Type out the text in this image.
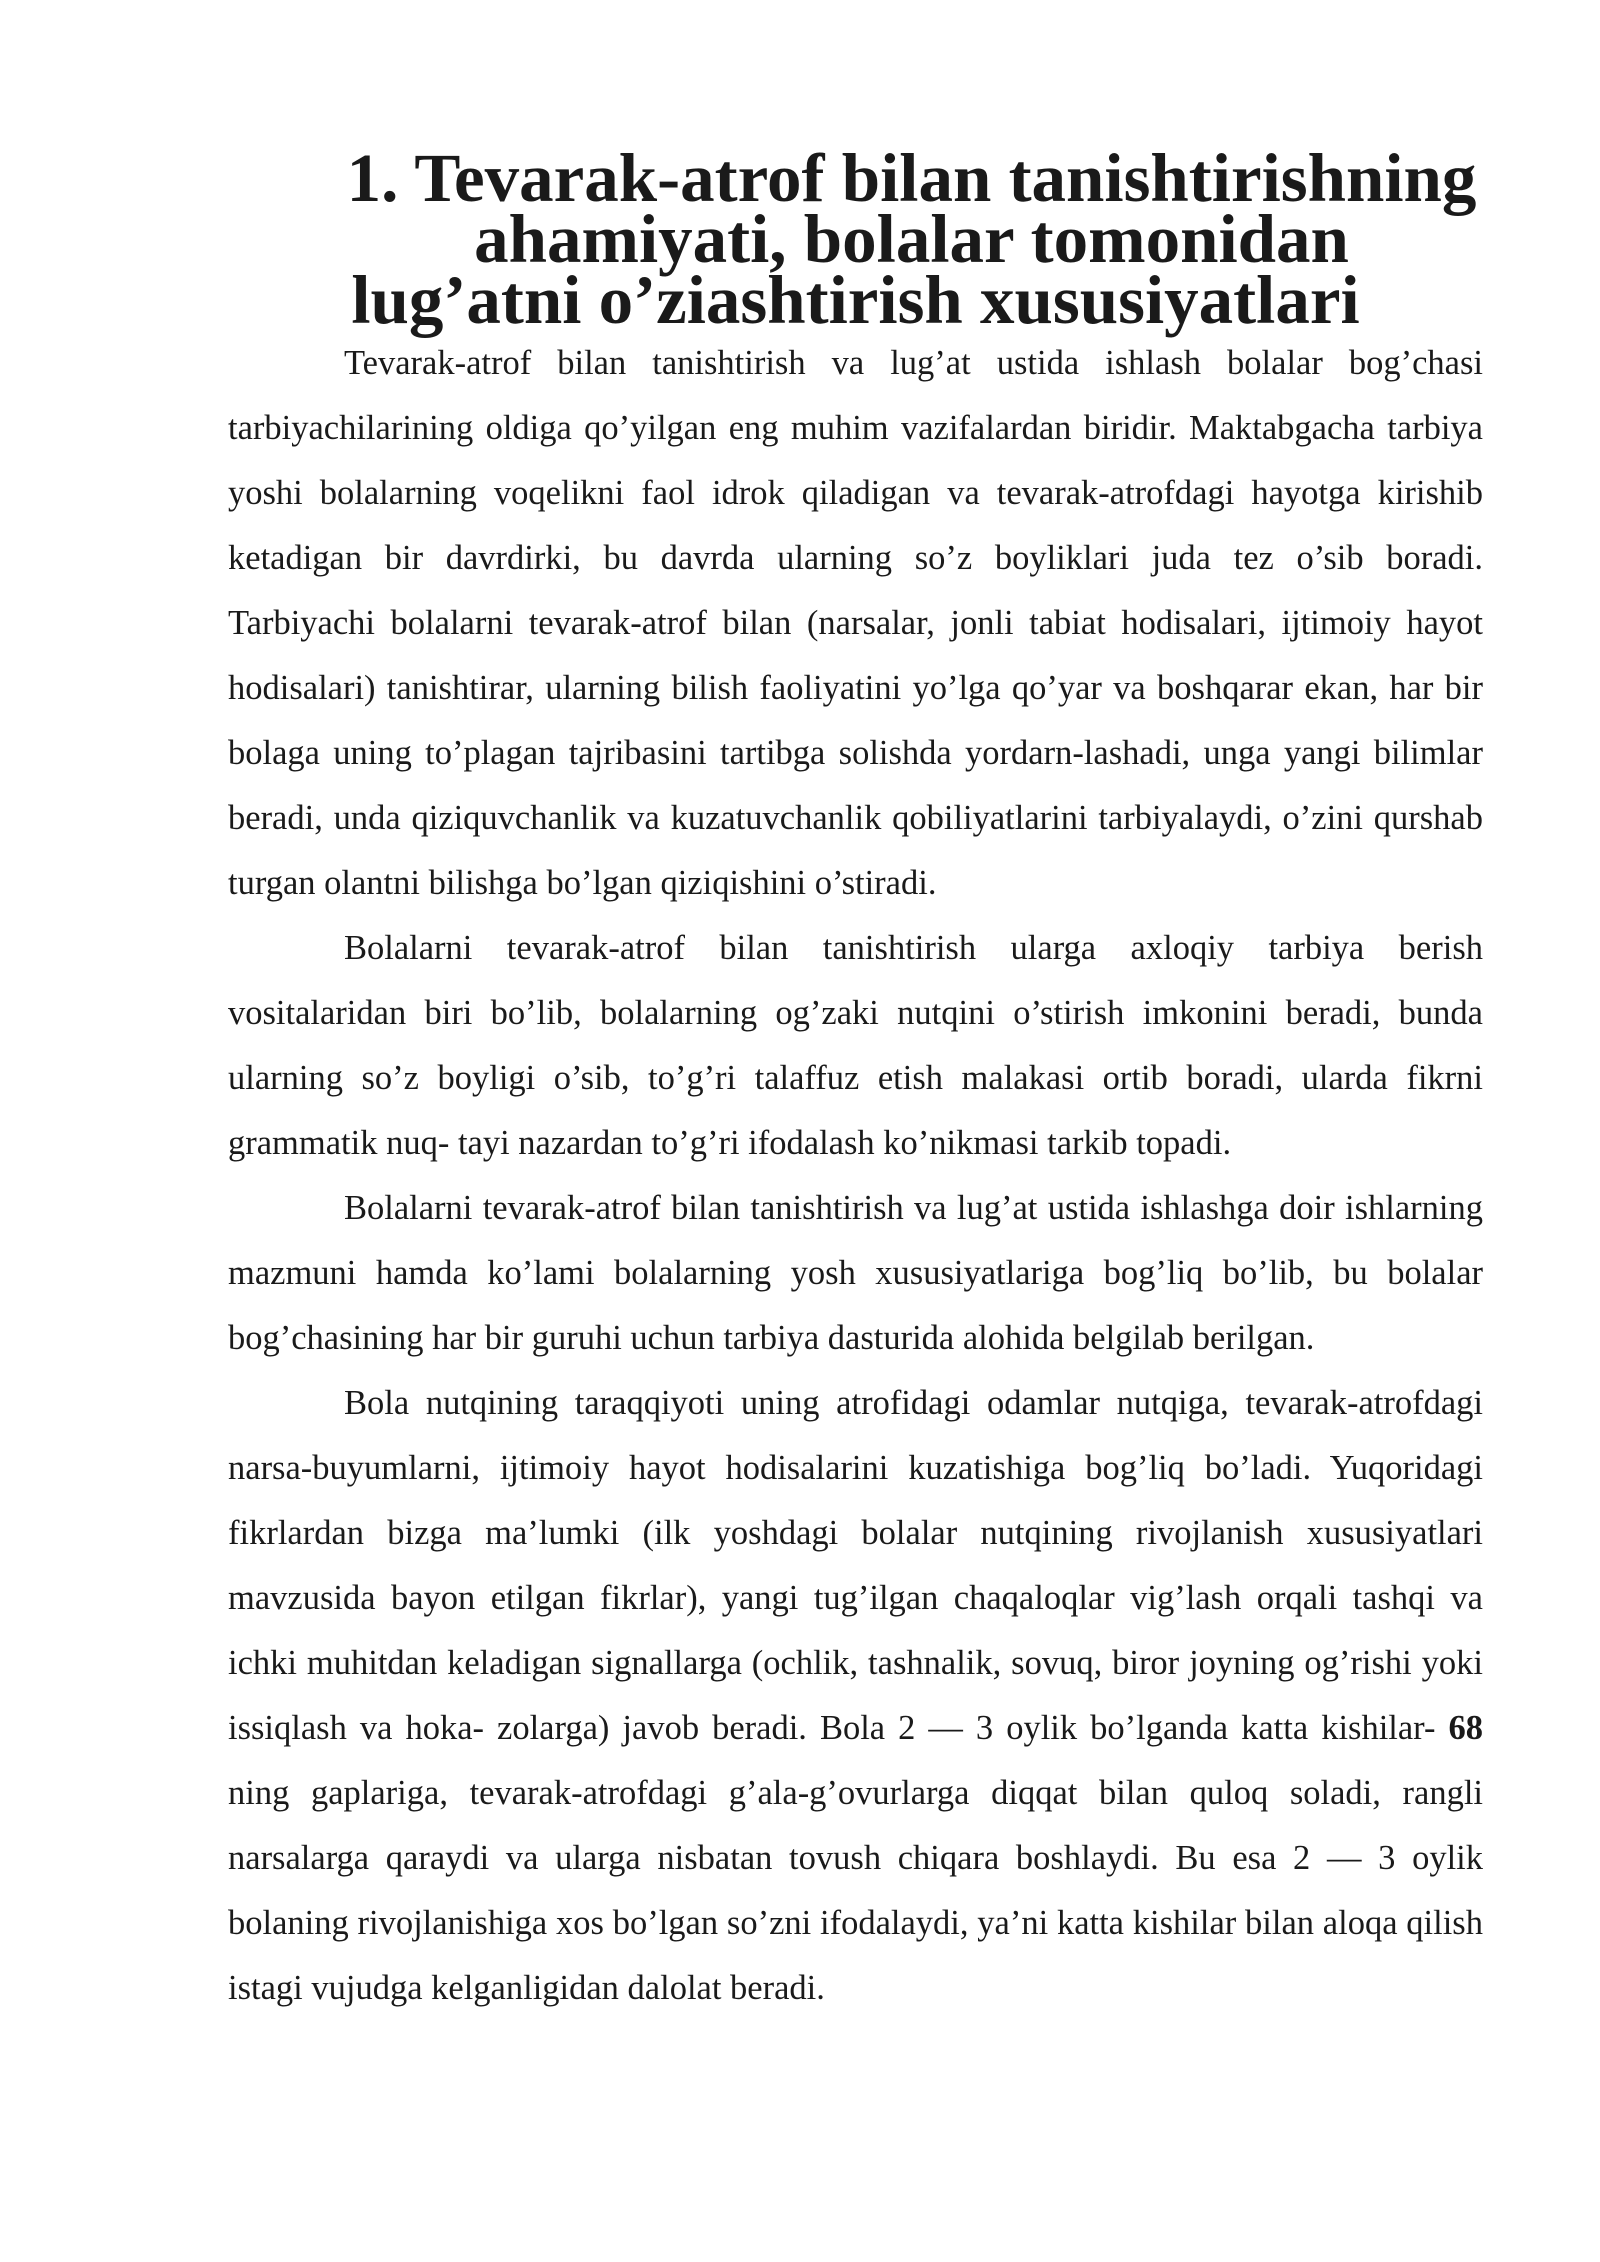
1. Tevarak-atrof bilan tanishtirishning ahamiyati, bolalar tomonidan
lug’atni o’ziashtirish xususiyatlari

Tevarak-atrof bilan tanishtirish va lug’at ustida ishlash bolalar bog’chasi tarbiyachilarining oldiga qo’yilgan eng muhim vazifalardan biridir. Maktabgacha tarbiya yoshi bolalarning voqelikni faol idrok qiladigan va tevarak-atrofdagi hayotga kirishib ketadigan bir davrdirki, bu davrda ularning so’z boyliklari juda tez o’sib boradi. Tarbiyachi bolalarni tevarak-atrof bilan (narsalar, jonli tabiat hodisalari, ijtimoiy hayot hodisalari) tanishtirar, ularning bilish faoliyatini yo’lga qo’yar va boshqarar ekan, har bir bolaga uning to’plagan tajribasini tartibga solishda yordarn-lashadi, unga yangi bilimlar beradi, unda qiziquvchanlik va kuzatuvchanlik qobiliyatlarini tarbiyalaydi, o’zini qurshab turgan olantni bilishga bo’lgan qiziqishini o’stiradi.

Bolalarni tevarak-atrof bilan tanishtirish ularga axloqiy tarbiya berish vositalaridan biri bo’lib, bolalarning og’zaki nutqini o’stirish imkonini beradi, bunda ularning so’z boyligi o’sib, to’g’ri talaffuz etish malakasi ortib boradi, ularda fikrni grammatik nuq- tayi nazardan to’g’ri ifodalash ko’nikmasi tarkib topadi.

Bolalarni tevarak-atrof bilan tanishtirish va lug’at ustida ishlashga doir ishlarning mazmuni hamda ko’lami bolalarning yosh xususiyatlariga bog’liq bo’lib, bu bolalar bog’chasining har bir guruhi uchun tarbiya dasturida alohida belgilab berilgan.

Bola nutqining taraqqiyoti uning atrofidagi odamlar nutqiga, tevarak-atrofdagi narsa-buyumlarni, ijtimoiy hayot hodisalarini kuzatishiga bog’liq bo’ladi. Yuqoridagi fikrlardan bizga ma’lumki (ilk yoshdagi bolalar nutqining rivojlanish xususiyatlari mavzusida bayon etilgan fikrlar), yangi tug’ilgan chaqaloqlar vig’lash orqali tashqi va ichki muhitdan keladigan signallarga (ochlik, tashnalik, sovuq, biror joyning og’rishi yoki issiqlash va hoka- zolarga) javob beradi. Bola 2 — 3 oylik bo’lganda katta kishilar- 68 ning gaplariga, tevarak-atrofdagi g’ala-g’ovurlarga diqqat bilan quloq soladi, rangli narsalarga qaraydi va ularga nisbatan tovush chiqara boshlaydi. Bu esa 2 — 3 oylik bolaning rivojlanishiga xos bo’lgan so’zni ifodalaydi, ya’ni katta kishilar bilan aloqa qilish istagi vujudga kelganligidan dalolat beradi.
